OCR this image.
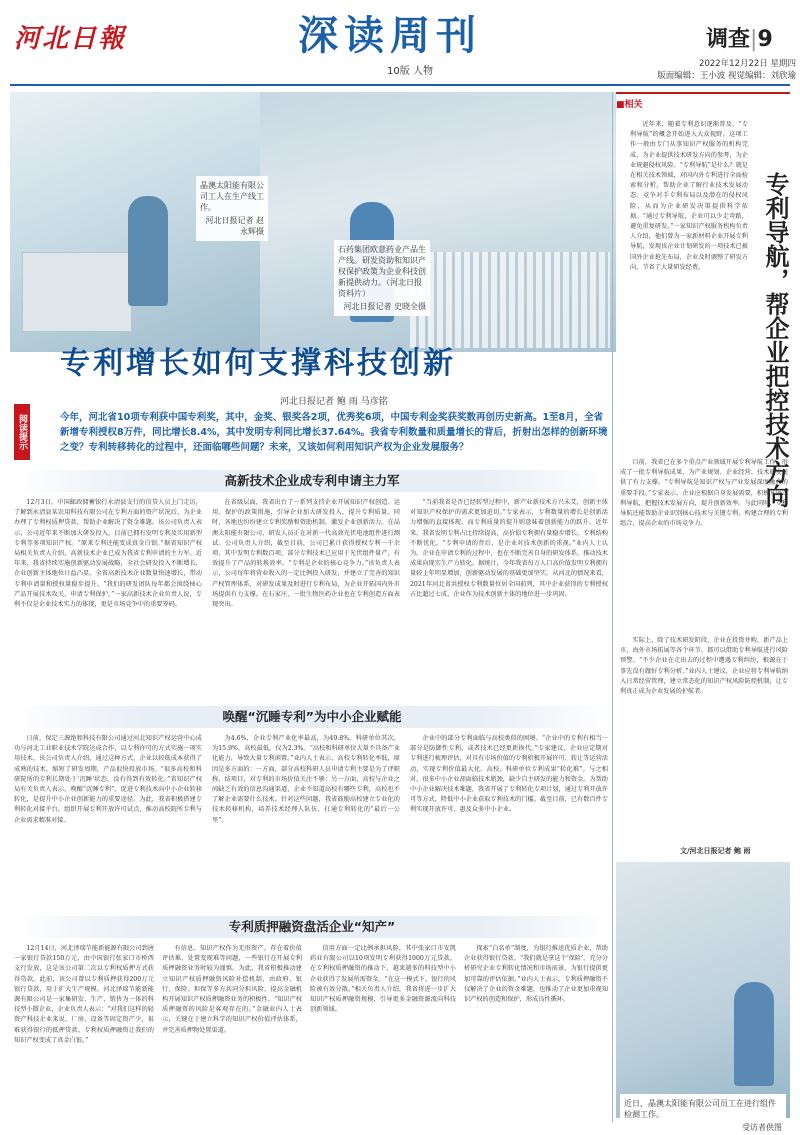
河北日報	深读周刊
10版 人物
调查|9
2022年12月22日 星期四
版面编辑：王小波 视觉编辑：刘欣瑜
晶澳太阳能有限公司工人在生产线工作。
河北日报记者 赵永辉摄
石药集团欧意药业产品生产线。研发资助和知识产权保护政策为企业科技创新提供动力。（河北日报资料片）
河北日报记者 史晓全摄
专利增长如何支撑科技创新
河北日报记者 鲍 雨 马彦铭
阅读提示	今年，河北省10项专利获中国专利奖，其中，金奖、银奖各2项，优秀奖6项，中国专利金奖获奖数再创历史新高。1至8月，全省新增专利授权8万件，同比增长8.4%，其中发明专利同比增长37.64%。我省专利数量和质量增长的背后，折射出怎样的创新环境之变？专利转移转化的过程中，还面临哪些问题？未来，又该如何利用知识产权为企业发展服务？
高新技术企业成专利申请主力军

12月3日，中国邮政储蓄银行永清县支行的信贷人员上门走访，了解到永清县某农用科技有限公司在专利方面的资产状况后，为企业办理了专利权质押贷款，帮助企业解决了资金难题。该公司负责人表示，公司近年来不断加大研发投入，目前已拥有发明专利及实用新型专利等多项知识产权。“原来专利还能变成真金白银。”据省知识产权局相关负责人介绍，高新技术企业已成为我省专利申请的主力军。近年来，我省持续实施创新驱动发展战略，全社会研发投入不断增长，企业创新主体地位日益凸显。全省高新技术企业数量快速增长，带动专利申请量和授权量稳步提升。“我们的研发团队每年都会围绕核心产品开展技术攻关，申请专利保护。”一家高新技术企业负责人说，专利不仅是企业技术实力的体现，更是市场竞争中的重要筹码。

在省级层面，我省出台了一系列支持企业开展知识产权创造、运用、保护的政策措施，引导企业加大研发投入、提升专利质量。同时，各地也纷纷建立专利奖励和资助机制，激发企业创新活力。在晶澳太阳能有限公司，研发人员正在对新一代高效光伏电池组件进行测试。公司负责人介绍，截至目前，公司已累计获得授权专利一千余项，其中发明专利数百项，部分专利技术已应用于光伏组件量产，有效提升了产品的转换效率。“专利是企业的核心竞争力。”该负责人表示，公司每年将营业收入的一定比例投入研发，并建立了完善的知识产权管理体系，对研发成果及时进行专利布局，为企业开拓国内外市场提供有力支撑。在石家庄，一批生物医药企业也在专利创造方面表现突出。

“当前我省是否已经转型过程中，新产业新技术方兴未艾，创新主体对知识产权保护的需求更加迫切。”专家表示，专利数量的增长是创新活力增强的直接体现，而专利质量的提升则意味着创新能力的跃升。近年来，我省发明专利占比持续提高，高价值专利拥有量稳步增长，专利结构不断优化。“专利申请的背后，是企业对技术创新的重视。”业内人士认为，企业在申请专利的过程中，也在不断完善自身的研发体系，推动技术成果向现实生产力转化。据统计，今年我省每万人口高价值发明专利拥有量较上年明显增加，创新驱动发展的基础更加坚实。从河北的情况来看，2021年河北省共授权专利数量位居全国前列，其中企业获得的专利授权占比超过七成，企业作为技术创新主体的地位进一步巩固。

唤醒“沉睡专利”为中小企业赋能

日前，保定三源绝和科技有限公司通过河北知识产权运营中心成功与河北工业职业技术学院达成合作，以专利许可的方式实施一项实用技术。该公司负责人介绍，通过这种方式，企业以较低成本获得了成熟的技术，缩短了研发周期，产品很快投放市场。“很多高校和科研院所的专利长期处于‘沉睡’状态，没有得到有效转化。”省知识产权局有关负责人表示，唤醒“沉睡专利”，促进专利技术向中小企业转移转化，是提升中小企业创新能力的重要途径。为此，我省积极搭建专利转化对接平台，组织开展专利开放许可试点，推动高校院所专利与企业需求精准对接。

为4.6%，企业专利产业化率最高，为49.8%。科研单位其次，为15.9%，高校最低，仅为2.3%。“高校和科研单位大量不具备产业化能力，导致大量专利闲置。”业内人士表示，高校专利转化率低，原因是多方面的：一方面，部分高校科研人员申请专利主要是为了评职称、结项目，对专利的市场价值关注不够；另一方面，高校与企业之间缺乏有效的信息沟通渠道，企业不知道高校有哪些专利，高校也不了解企业需要什么技术。针对这些问题，我省鼓励高校建立专业化的技术转移机构，培养技术经理人队伍，打通专利转化的“最后一公里”。

企业中的部分专利面临与高校类似的困境。“企业中的专利有相当一部分是防御性专利，或者技术已经更新换代。”专家建议，企业应定期对专利进行梳理评估，对具有市场价值的专利积极开展许可、转让等运营活动，实现专利价值最大化。高校、科研单位专利成果“转化难”。与之相对，很多中小企业却面临技术瓶颈，缺少自主研发的能力和资金。为帮助中小企业解决技术难题，我省开展了专利转化专项计划，通过专利开放许可等方式，降低中小企业获取专利技术的门槛。截至目前，已有数百件专利实现开放许可，惠及众多中小企业。

专利质押融资盘活企业“知产”

12月14日，河北泽瑞节能新能源有限公司到唐一家银行贷款150万元，由中国银行张家口市桥西支行发放，这是该公司第二次以专利权质押方式获得贷款。此前，该公司曾以专利质押获得200万元银行贷款，用于扩大生产规模。河北泽瑞节能新能源有限公司是一家集研发、生产、销售为一体的科技型小微企业，企业负责人表示：“对我们这样的轻资产科技企业来说，厂房、设备等固定资产少，很难获得银行的抵押贷款。专利权质押融资让我们的知识产权变成了真金白银。”

有信息。知识产权作为无形资产，存在着价值评估难、处置变现难等问题，一些银行在开展专利质押融资业务时较为谨慎。为此，我省积极推动建立知识产权质押融资风险补偿机制，由政府、银行、保险、担保等多方共同分担风险，提高金融机构开展知识产权质押融资业务的积极性。“知识产权质押融资的风险是客观存在的。”金融业内人士表示，关键在于建立科学的知识产权价值评估体系，并完善质押物处置渠道。

信用方面一定比例承担风险，其中张家口市安凯药业有限公司以10项发明专利获得1000万元贷款。在专利权质押融资的推动下，越来越多的科技型中小企业获得了发展所需资金。“在这一模式下，银行的风险被有效分散。”相关负责人介绍，我省将进一步扩大知识产权质押融资规模，引导更多金融资源流向科技创新领域。

探索“白名单”制度，为银行推送优质企业，帮助企业获得银行贷款。“我们就是拿这个‘保险’，充分分析研究企业专利转化情况和市场前景，为银行提供更加可靠的评估依据。”业内人士表示，专利质押融资不仅解决了企业的资金难题，也推动了企业更加重视知识产权的创造和保护，形成良性循环。

■相关
专利导航，帮企业把控技术方向

近年来，随着专利意识逐渐普及，“专利导航”的概念开始进入大众视野。这项工作一般由专门从事知识产权服务的机构完成，为企业提供技术研发方向的参考，为企业规避侵权风险。“专利导航”是什么？就是在相关技术领域，对国内外专利进行全面检索和分析，帮助企业了解行业技术发展动态、竞争对手专利布局以及潜在的侵权风险，从而为企业研发决策提供科学依据。“通过专利导航，企业可以少走弯路，避免重复研发。”一家知识产权服务机构负责人介绍，他们曾为一家新材料企业开展专利导航，发现该企业计划研发的一项技术已被国外企业抢先布局，企业及时调整了研发方向，节省了大量研发经费。

目前，我省已在多个重点产业领域开展专利导航工作，形成了一批专利导航成果，为产业规划、企业经营、技术研发提供了有力支撑。“专利导航是知识产权与产业发展深度融合的重要手段。”专家表示，企业应根据自身发展需要，积极开展专利导航，把握技术发展方向，提升创新效率。与此同时，专利导航还能帮助企业识别核心技术与关键专利，构建合理的专利组合，提高企业的市场竞争力。

实际上，除了技术研发阶段，企业在投资并购、新产品上市、海外市场拓展等各个环节，都可以借助专利导航进行风险预警。“不少企业在走出去的过程中遭遇专利纠纷，根源在于事先没有做好专利分析。”业内人士建议，企业应将专利导航纳入日常经营管理，建立常态化的知识产权风险防控机制，让专利真正成为企业发展的护航者。

文/河北日报记者 鲍 雨
近日，晶澳太阳能有限公司员工在进行组件检测工作。
受访者供图
